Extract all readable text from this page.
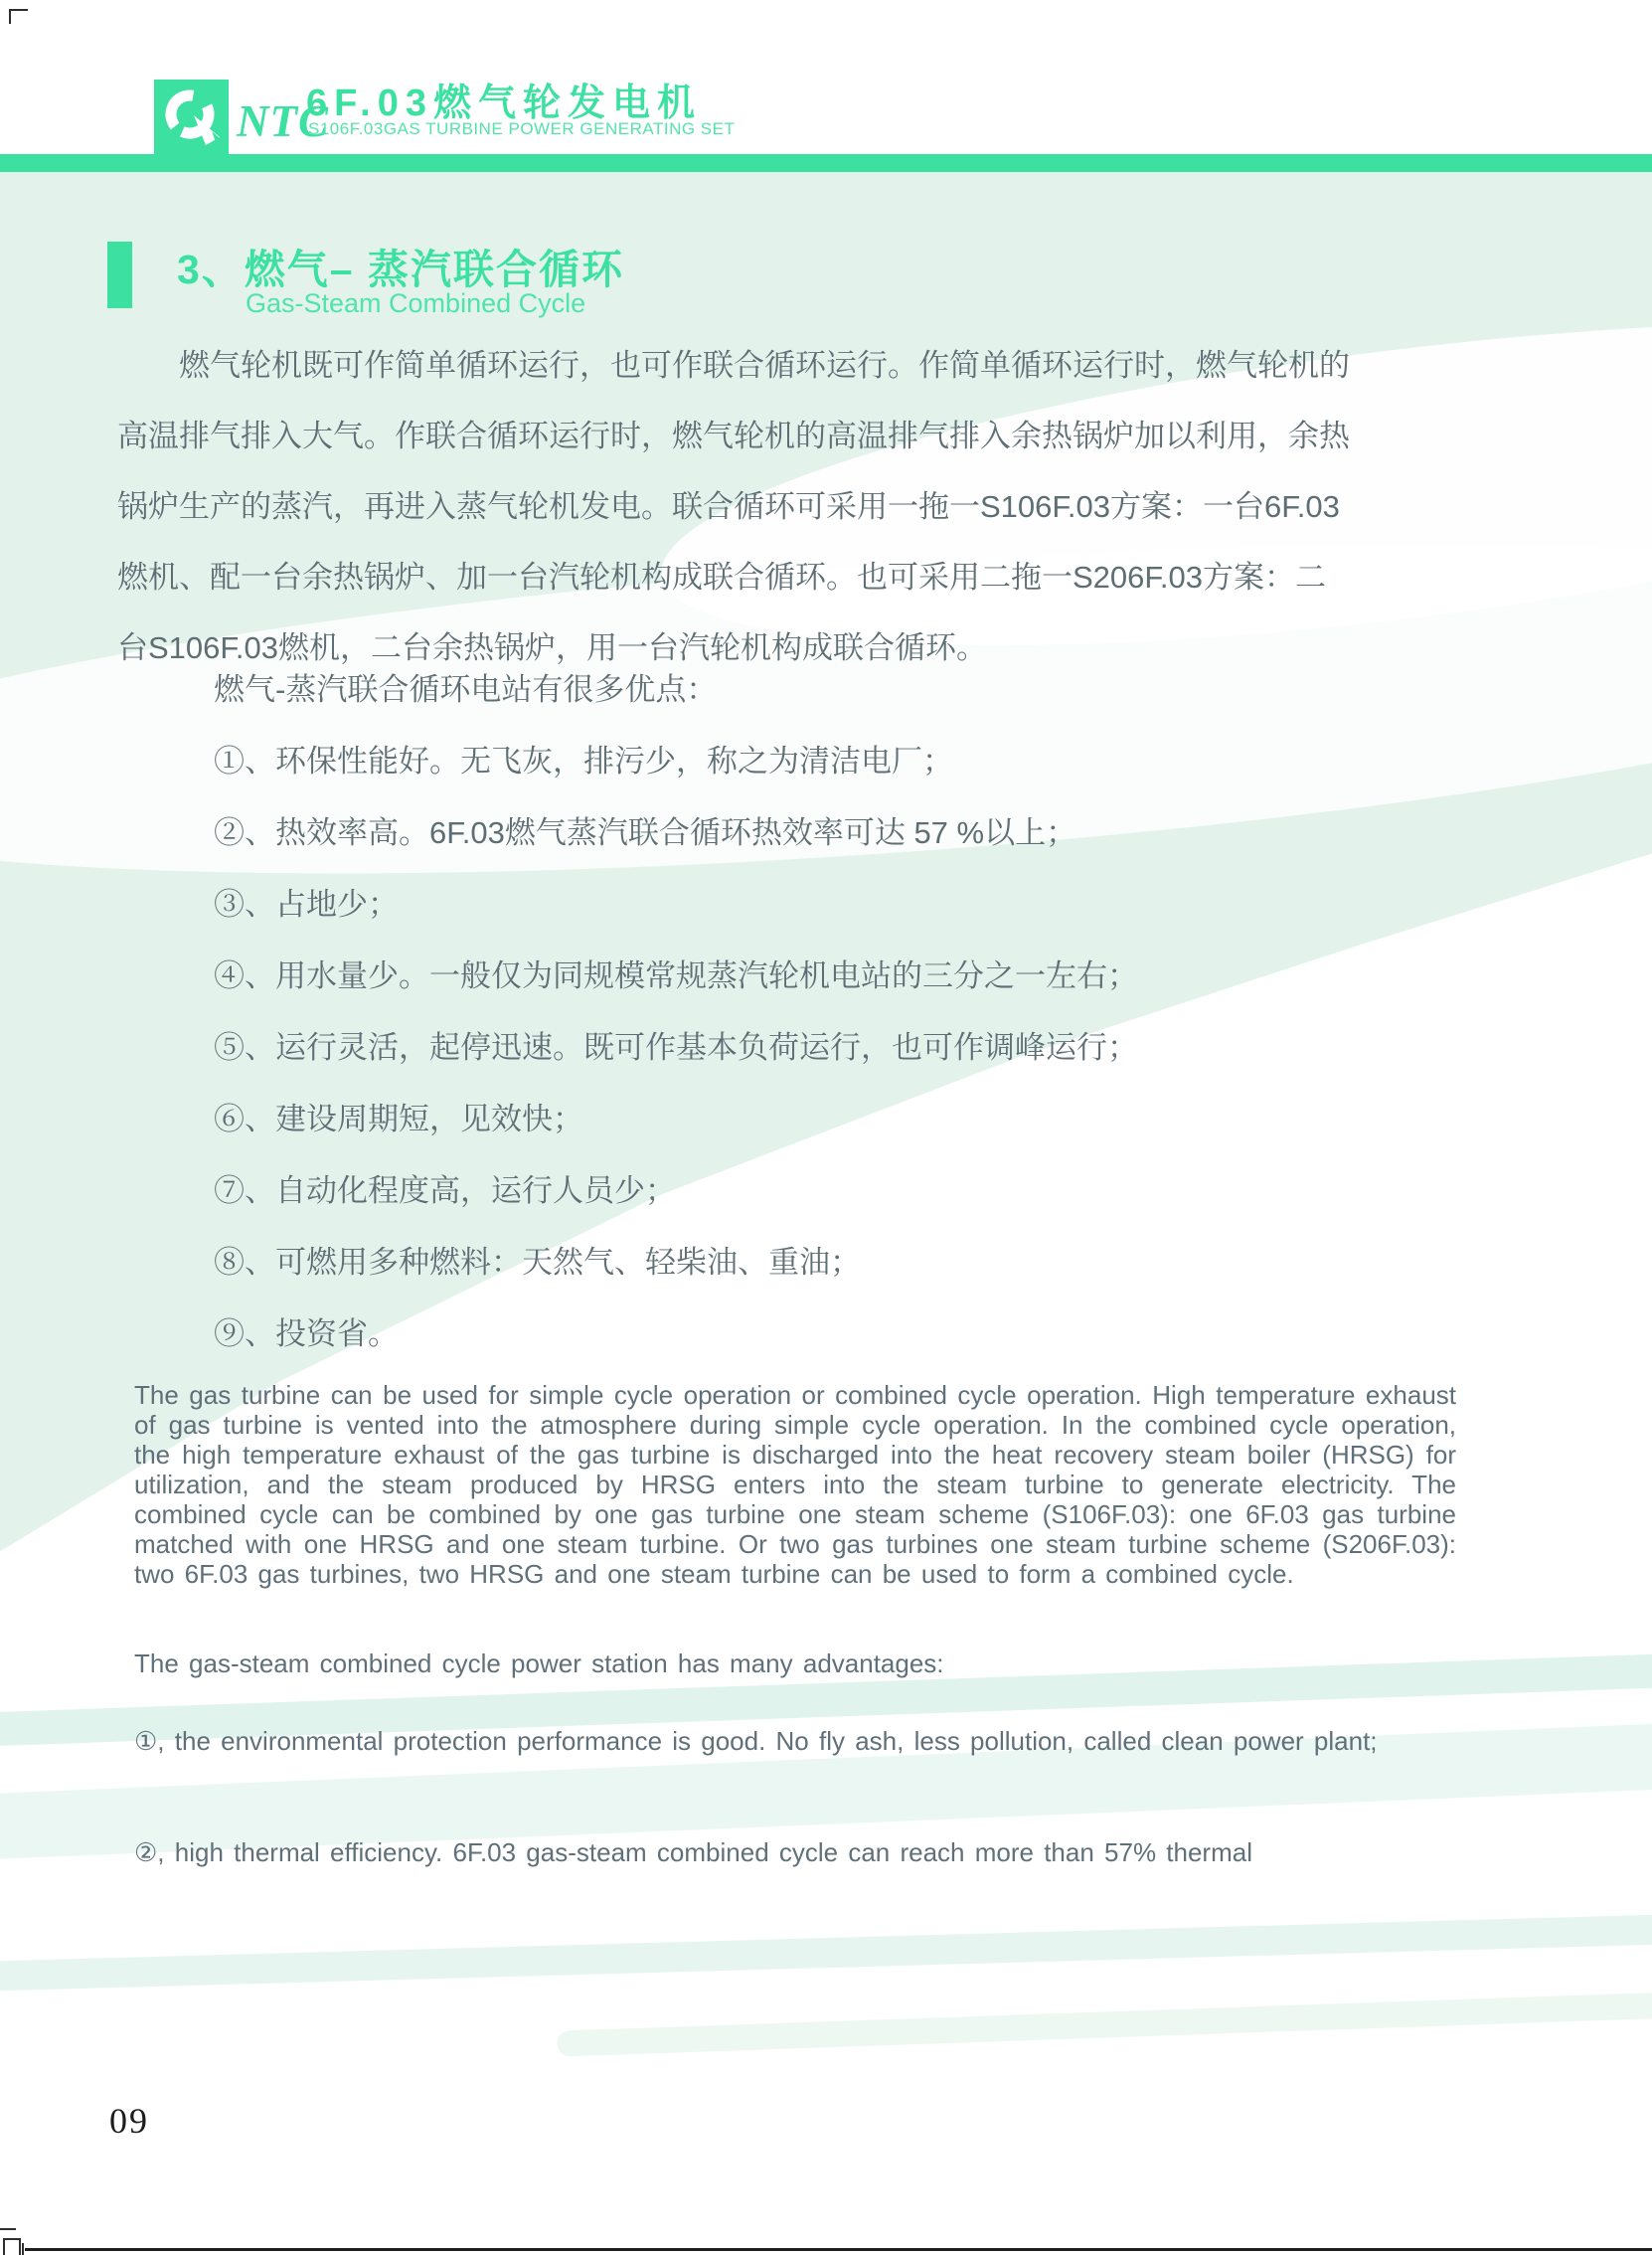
NTC
6F.03燃气轮发电机
S106F.03GAS TURBINE POWER GENERATING SET
3、燃气– 蒸汽联合循环
Gas-Steam Combined Cycle
燃气轮机既可作简单循环运行，也可作联合循环运行。作简单循环运行时，燃气轮机的
高温排气排入大气。作联合循环运行时，燃气轮机的高温排气排入余热锅炉加以利用，余热
锅炉生产的蒸汽，再进入蒸气轮机发电。联合循环可采用一拖一S106F.03方案：一台6F.03
燃机、配一台余热锅炉、加一台汽轮机构成联合循环。也可采用二拖一S206F.03方案：二
台S106F.03燃机，二台余热锅炉，用一台汽轮机构成联合循环。
燃气-蒸汽联合循环电站有很多优点：
①、环保性能好。无飞灰，排污少，称之为清洁电厂；
②、热效率高。6F.03燃气蒸汽联合循环热效率可达 57 %以上；
③、占地少；
④、用水量少。一般仅为同规模常规蒸汽轮机电站的三分之一左右；
⑤、运行灵活，起停迅速。既可作基本负荷运行，也可作调峰运行；
⑥、建设周期短，见效快；
⑦、自动化程度高，运行人员少；
⑧、可燃用多种燃料：天然气、轻柴油、重油；
⑨、投资省。
The gas turbine can be used for simple cycle operation or combined cycle operation. High temperature exhaust of gas turbine is vented into the atmosphere during simple cycle operation. In the combined cycle operation, the high temperature exhaust of the gas turbine is discharged into the heat recovery steam boiler (HRSG) for utilization, and the steam produced by HRSG enters into the steam turbine to generate electricity. The combined cycle can be combined by one gas turbine one steam scheme (S106F.03): one 6F.03 gas turbine matched with one HRSG and one steam turbine. Or two gas turbines one steam turbine scheme (S206F.03): two 6F.03 gas turbines, two HRSG and one steam turbine can be used to form a combined cycle.
The gas-steam combined cycle power station has many advantages:
①, the environmental protection performance is good. No fly ash, less pollution, called clean power plant;
②, high thermal efficiency. 6F.03 gas-steam combined cycle can reach more than 57% thermal
09
